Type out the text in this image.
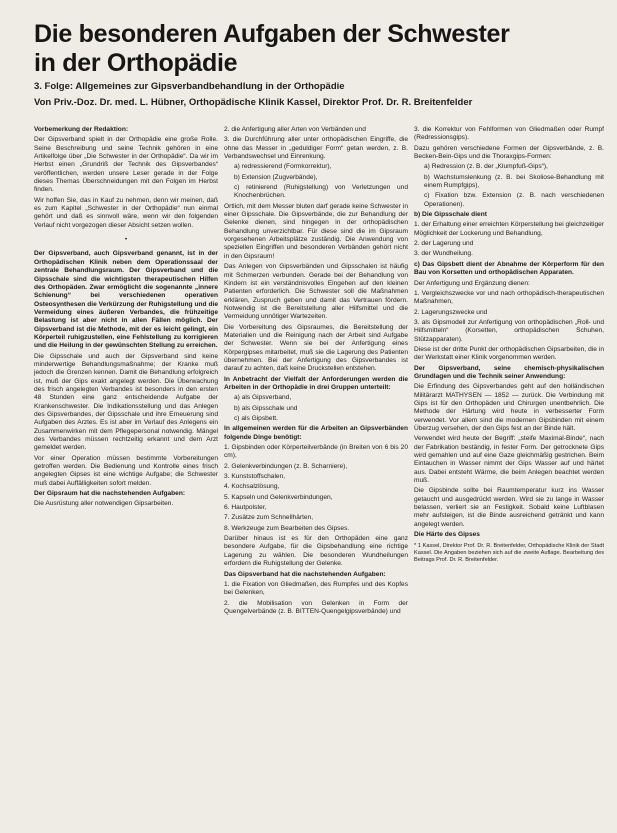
Die besonderen Aufgaben der Schwester
in der Orthopädie

3. Folge: Allgemeines zur Gipsverbandbehandlung in der Orthopädie

Von Priv.-Doz. Dr. med. L. Hübner, Orthopädische Klinik Kassel, Direktor Prof. Dr. R. Breitenfelder

Vorbemerkung der Redaktion:

Der Gipsverband spielt in der Orthopädie eine große Rolle. Seine Beschreibung und seine Technik gehören in eine Artikelfolge über „Die Schwester in der Orthopädie“. Da wir im Herbst einen „Grundriß der Technik des Gipsverbandes“ veröffentlichen, werden unsere Leser gerade in der Folge dieses Themas Überschneidungen mit den Folgen im Herbst finden.

Wir hoffen Sie, das in Kauf zu nehmen, denn wir meinen, daß es zum Kapitel „Schwester in der Orthopädie“ nun einmal gehört und daß es sinnvoll wäre, wenn wir den folgenden Verlauf nicht vorgezogen dieser Absicht setzen wollen.

•

Der Gipsverband, auch Gipsverband genannt, ist in der Orthopädischen Klinik neben dem Operationssaal der zentrale Behandlungsraum. Der Gipsverband und die Gipsschale sind die wichtigsten therapeutischen Hilfen des Orthopäden. Zwar ermöglicht die sogenannte „innere Schienung“ bei verschiedenen operativen Osteosynthesen die Verkürzung der Ruhigstellung und die Vermeidung eines äußeren Verbandes, die frühzeitige Belastung ist aber nicht in allen Fällen möglich. Der Gipsverband ist die Methode, mit der es leicht gelingt, ein Körperteil ruhigzustellen, eine Fehlstellung zu korrigieren und die Heilung in der gewünschten Stellung zu erreichen.

Die Gipsschale und auch der Gipsverband sind keine minderwertige Behandlungsmaßnahme; der Kranke muß jedoch die Grenzen kennen. Damit die Behandlung erfolgreich ist, muß der Gips exakt angelegt werden. Die Überwachung des frisch angelegten Verbandes ist besonders in den ersten 48 Stunden eine ganz entscheidende Aufgabe der Krankenschwester. Die Indikationsstellung und das Anlegen des Gipsverbandes, der Gipsschale und ihre Erneuerung sind Aufgaben des Arztes. Es ist aber im Verlauf des Anlegens ein Zusammenwirken mit dem Pflegepersonal notwendig. Mängel des Verbandes müssen rechtzeitig erkannt und dem Arzt gemeldet werden.

Vor einer Operation müssen bestimmte Vorbereitungen getroffen werden. Die Bedienung und Kontrolle eines frisch angelegten Gipses ist eine wichtige Aufgabe; die Schwester muß dabei Auffälligkeiten sofort melden.

Der Gipsraum hat die nachstehenden Aufgaben:

Die Ausrüstung aller notwendigen Gipsarbeiten.

2. die Anfertigung aller Arten von Verbänden und

3. die Durchführung aller unter orthopädischen Eingriffe, die ohne das Messer in „geduldiger Form“ getan werden, z. B. Verbandswechsel und Einrenkung.

a) redressierend (Formkorrektur),

b) Extension (Zugverbände),

c) retinierend (Ruhigstellung) von Verletzungen und Knochenbrüchen.

Ortlich, mit dem Messer bluten darf gerade keine Schwester in einer Gipsschale. Die Gipsverbände, die zur Behandlung der Gelenke dienen, sind hingegen in der orthopädischen Behandlung unverzichtbar. Für diese sind die im Gipsraum vorgesehenen Arbeitsplätze zuständig. Die Anwendung von speziellen Eingriffen und besonderen Verbänden gehört nicht in den Gipsraum!

Das Anlegen von Gipsverbänden und Gipsschalen ist häufig mit Schmerzen verbunden. Gerade bei der Behandlung von Kindern ist ein verständnisvolles Eingehen auf den kleinen Patienten erforderlich. Die Schwester soll die Maßnahmen erklären, Zuspruch geben und damit das Vertrauen fördern. Notwendig ist die Bereitstellung aller Hilfsmittel und die Vermeidung unnötiger Wartezeiten.

Die Vorbereitung des Gipsraumes, die Bereitstellung der Materialien und die Reinigung nach der Arbeit sind Aufgabe der Schwester. Wenn sie bei der Anfertigung eines Körpergipses mitarbeitet, muß sie die Lagerung des Patienten übernehmen. Bei der Anfertigung des Gipsverbandes ist darauf zu achten, daß keine Druckstellen entstehen.

In Anbetracht der Vielfalt der Anforderungen werden die Arbeiten in der Orthopädie in drei Gruppen unterteilt:

a) als Gipsverband,

b) als Gipsschale und

c) als Gipsbett.

In allgemeinen werden für die Arbeiten an Gipsverbänden folgende Dinge benötigt:

1. Gipsbinden oder Körperteilverbände (in Breiten von 6 bis 20 cm),

2. Gelenkverbindungen (z. B. Scharniere),

3. Kunststoffschalen,

4. Kochsalzlösung,

5. Kapseln und Gelenkverbindungen,

6. Hautpolster,

7. Zusätze zum Schnellhärten,

8. Werkzeuge zum Bearbeiten des Gipses.

Darüber hinaus ist es für den Orthopäden eine ganz besondere Aufgabe, für die Gipsbehandlung eine richtige Lagerung zu wählen. Die besonderen Wundheilungen erfordern die Ruhigstellung der Gelenke.

Das Gipsverband hat die nachstehenden Aufgaben:

1. die Fixation von Gliedmaßen, des Rumpfes und des Kopfes bei Gelenken,

2. die Mobilisation von Gelenken in Form der Quengelverbände (z. B. BITTEN-Quengelgipsverbände) und

3. die Korrektur von Fehlformen von Gliedmaßen oder Rumpf (Redressionsgips).

Dazu gehören verschiedene Formen der Gipsverbände, z. B. Becken-Bein-Gips und die Thoraxgips-Formen:

a) Redression (z. B. der „Klumpfuß-Gips“),

b) Wachstumslenkung (z. B. bei Skoliose-Behandlung mit einem Rumpfgips),

c) Fixation bzw. Extension (z. B. nach verschiedenen Operationen).

b) Die Gipsschale dient

1. der Erhaltung einer erreichten Körperstellung bei gleichzeitiger Möglichkeit der Lockerung und Behandlung,

2. der Lagerung und

3. der Wundheilung.

c) Das Gipsbett dient der Abnahme der Körperform für den Bau von Korsetten und orthopädischen Apparaten.

Der Anfertigung und Ergänzung dienen:

1. Vergleichszwecke vor und nach orthopädisch-therapeutischen Maßnahmen,

2. Lagerungszwecke und

3. als Gipsmodell zur Anfertigung von orthopädischen „Roll- und Hilfsmitteln“ (Korsetten, orthopädischen Schuhen, Stützapparaten).

Diese ist der dritte Punkt der orthopädischen Gipsarbeiten, die in der Werkstatt einer Klinik vorgenommen werden.

Der Gipsverband, seine chemisch-physikalischen Grundlagen und die Technik seiner Anwendung:

Die Erfindung des Gipsverbandes geht auf den holländischen Militärarzt MATHYSEN — 1852 — zurück. Die Verbindung mit Gips ist für den Orthopäden und Chirurgen unentbehrlich. Die Methode der Härtung wird heute in verbesserter Form verwendet. Vor allem sind die modernen Gipsbinden mit einem Überzug versehen, der den Gips fest an der Binde hält.

Verwendet wird heute der Begriff: „steife Maximal-Binde“, nach der Fabrikation beständig, in fester Form. Der getrocknete Gips wird gemahlen und auf eine Gaze gleichmäßig gestrichen. Beim Eintauchen in Wasser nimmt der Gips Wasser auf und härtet aus. Dabei entsteht Wärme, die beim Anlegen beachtet werden muß.

Die Gipsbinde sollte bei Raumtemperatur kurz ins Wasser getaucht und ausgedrückt werden. Wird sie zu lange in Wasser belassen, verliert sie an Festigkeit. Sobald keine Luftblasen mehr aufsteigen, ist die Binde ausreichend getränkt und kann angelegt werden.

Die Härte des Gipses

* 1 Kassel, Direktor Prof. Dr. R. Breitenfelder, Orthopädische Klinik der Stadt Kassel. Die Angaben beziehen sich auf die zweite Auflage. Bearbeitung des Beitrags Prof. Dr. R. Breitenfelder.
